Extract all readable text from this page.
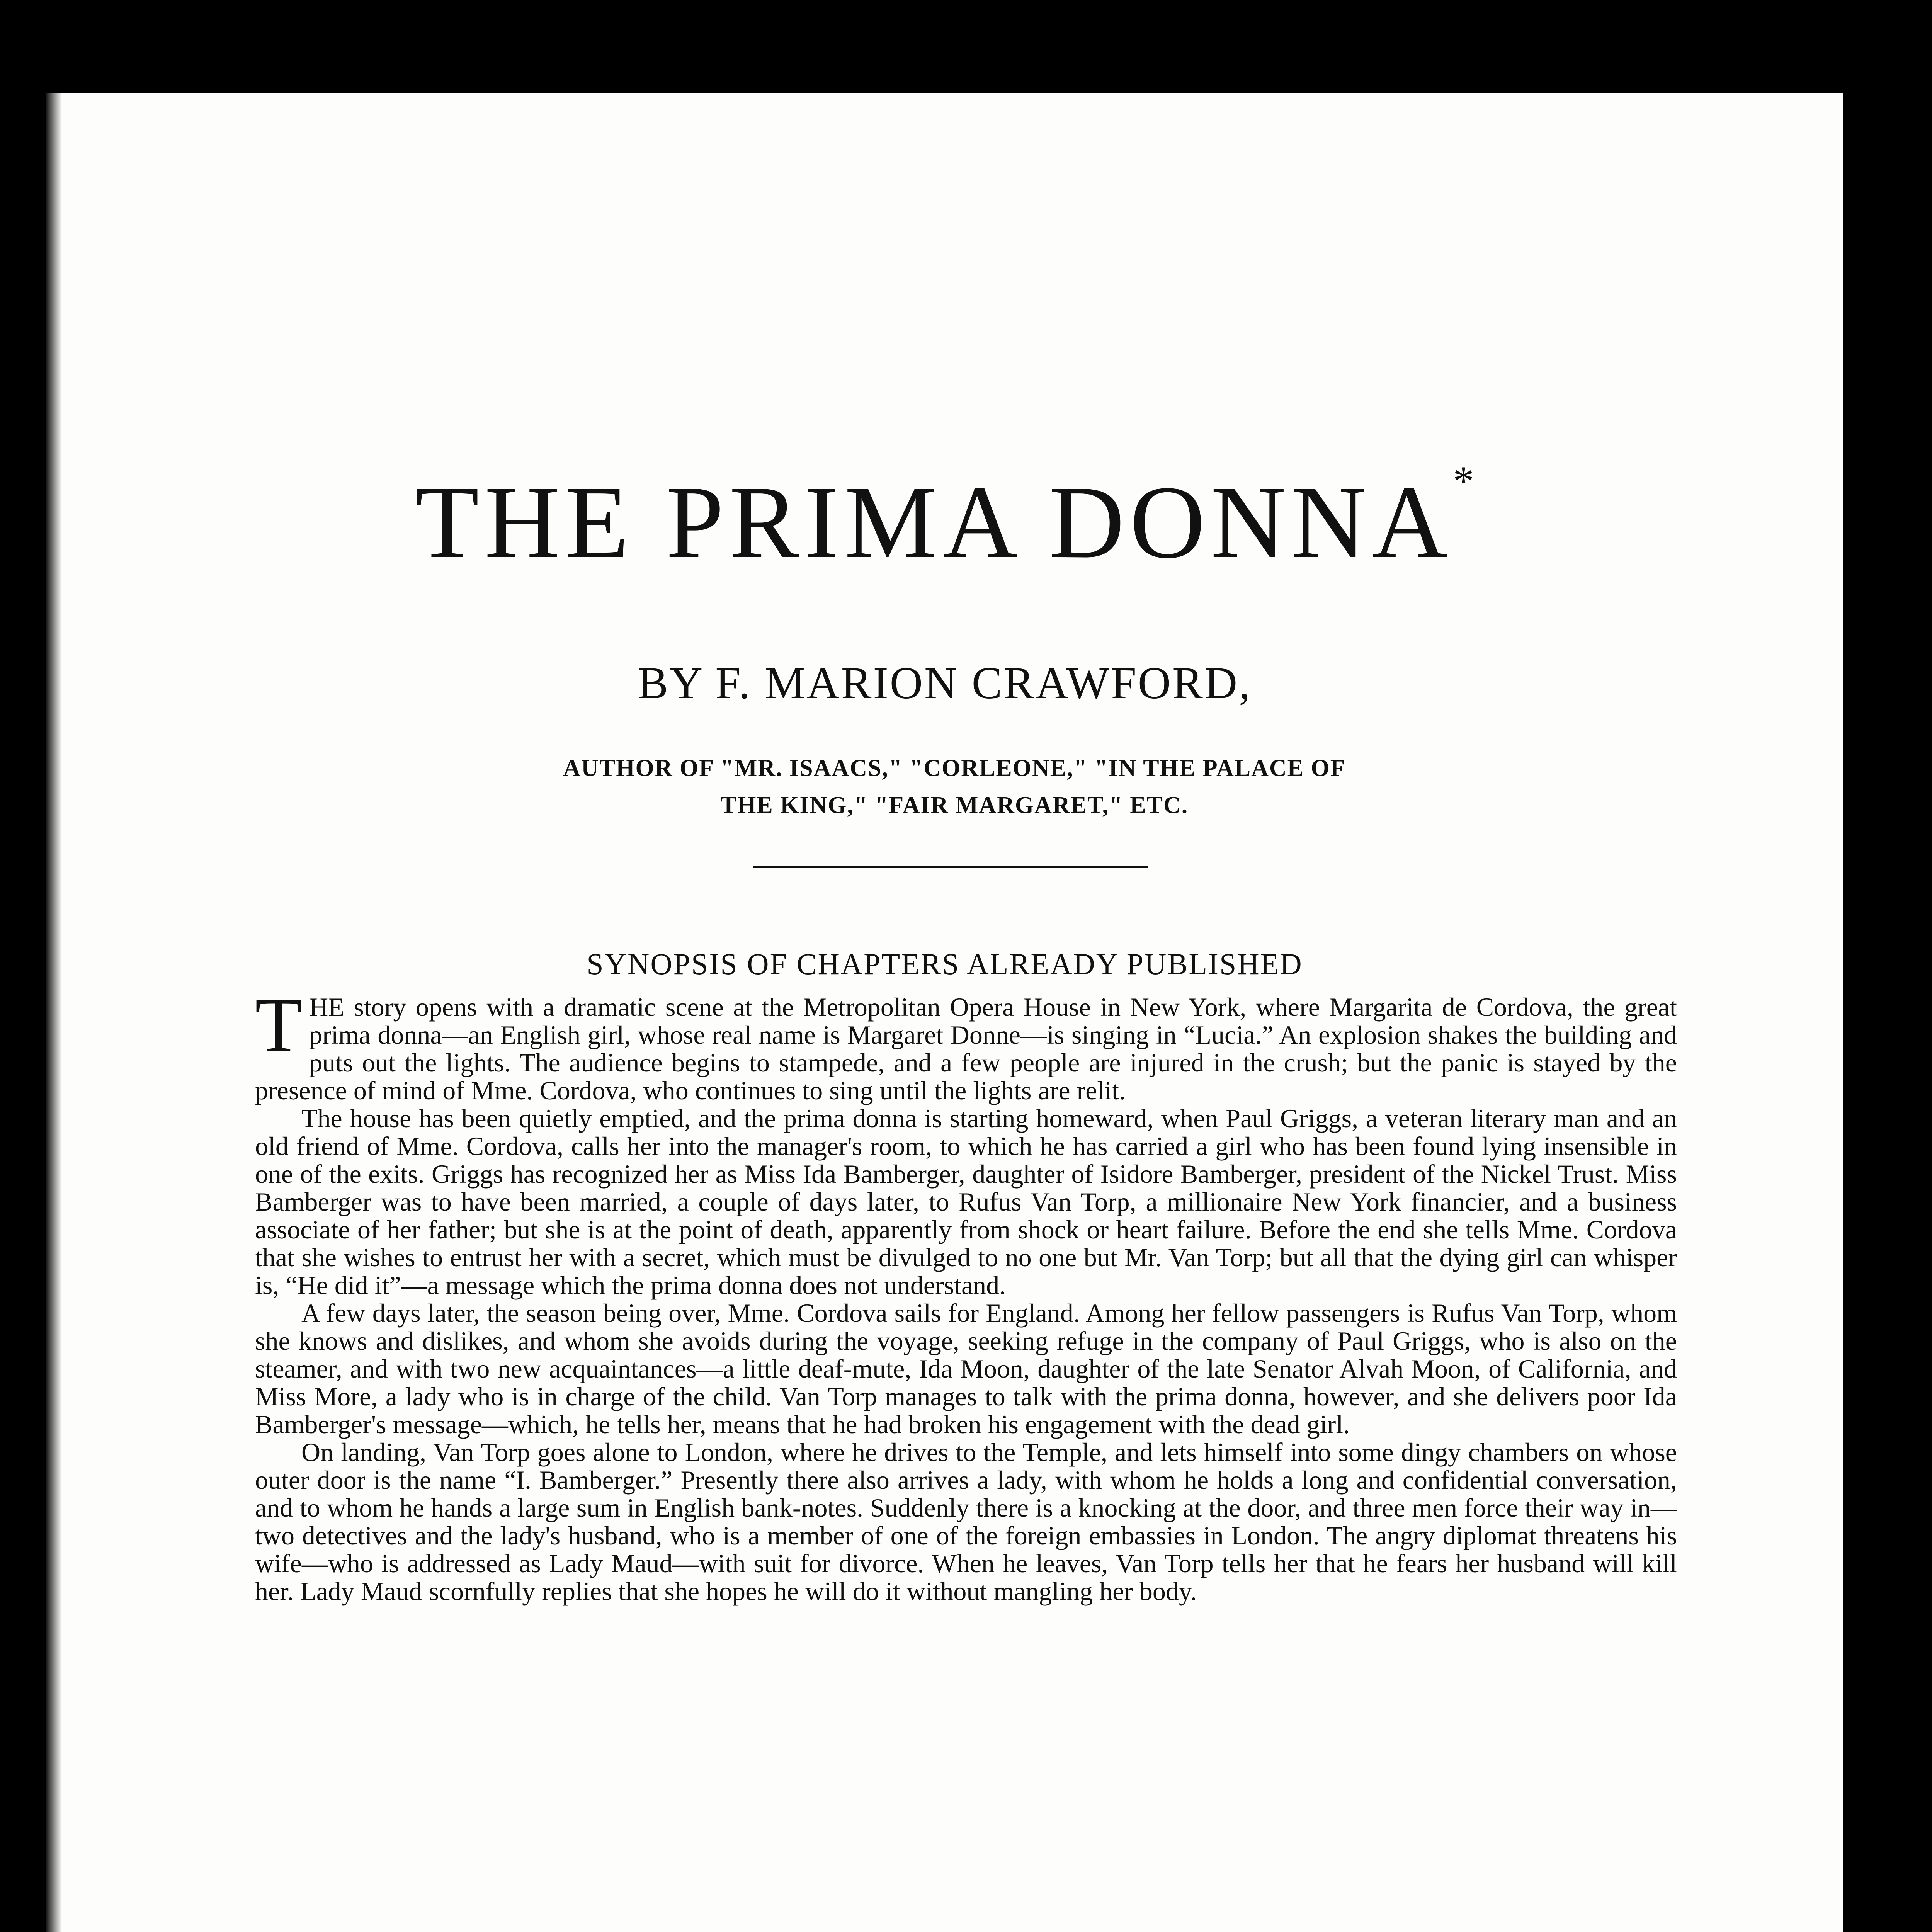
THE PRIMA DONNA*
BY F. MARION CRAWFORD,
AUTHOR OF "MR. ISAACS," "CORLEONE," "IN THE PALACE OF
THE KING," "FAIR MARGARET," ETC.
SYNOPSIS OF CHAPTERS ALREADY PUBLISHED

THE story opens with a dramatic scene at the Metropolitan Opera House in New York, where Margarita de Cordova, the great prima donna—an English girl, whose real name is Margaret Donne—is singing in “Lucia.” An explosion shakes the building and puts out the lights. The audience begins to stampede, and a few people are injured in the crush; but the panic is stayed by the presence of mind of Mme. Cordova, who continues to sing until the lights are relit.

The house has been quietly emptied, and the prima donna is starting homeward, when Paul Griggs, a veteran literary man and an old friend of Mme. Cordova, calls her into the manager's room, to which he has carried a girl who has been found lying insensible in one of the exits. Griggs has recognized her as Miss Ida Bamberger, daughter of Isidore Bamberger, president of the Nickel Trust. Miss Bamberger was to have been married, a couple of days later, to Rufus Van Torp, a millionaire New York financier, and a business associate of her father; but she is at the point of death, apparently from shock or heart failure. Before the end she tells Mme. Cordova that she wishes to entrust her with a secret, which must be divulged to no one but Mr. Van Torp; but all that the dying girl can whisper is, “He did it”—a message which the prima donna does not understand.

A few days later, the season being over, Mme. Cordova sails for England. Among her fellow passengers is Rufus Van Torp, whom she knows and dislikes, and whom she avoids during the voyage, seeking refuge in the company of Paul Griggs, who is also on the steamer, and with two new acquaintances—a little deaf-mute, Ida Moon, daughter of the late Senator Alvah Moon, of California, and Miss More, a lady who is in charge of the child. Van Torp manages to talk with the prima donna, however, and she delivers poor Ida Bamberger's message—which, he tells her, means that he had broken his engagement with the dead girl.

On landing, Van Torp goes alone to London, where he drives to the Temple, and lets himself into some dingy chambers on whose outer door is the name “I. Bamberger.” Presently there also arrives a lady, with whom he holds a long and confidential conversation, and to whom he hands a large sum in English bank-notes. Suddenly there is a knocking at the door, and three men force their way in—two detectives and the lady's husband, who is a member of one of the foreign embassies in London. The angry diplomat threatens his wife—who is addressed as Lady Maud—with suit for divorce. When he leaves, Van Torp tells her that he fears her husband will kill her. Lady Maud scornfully replies that she hopes he will do it without mangling her body.
